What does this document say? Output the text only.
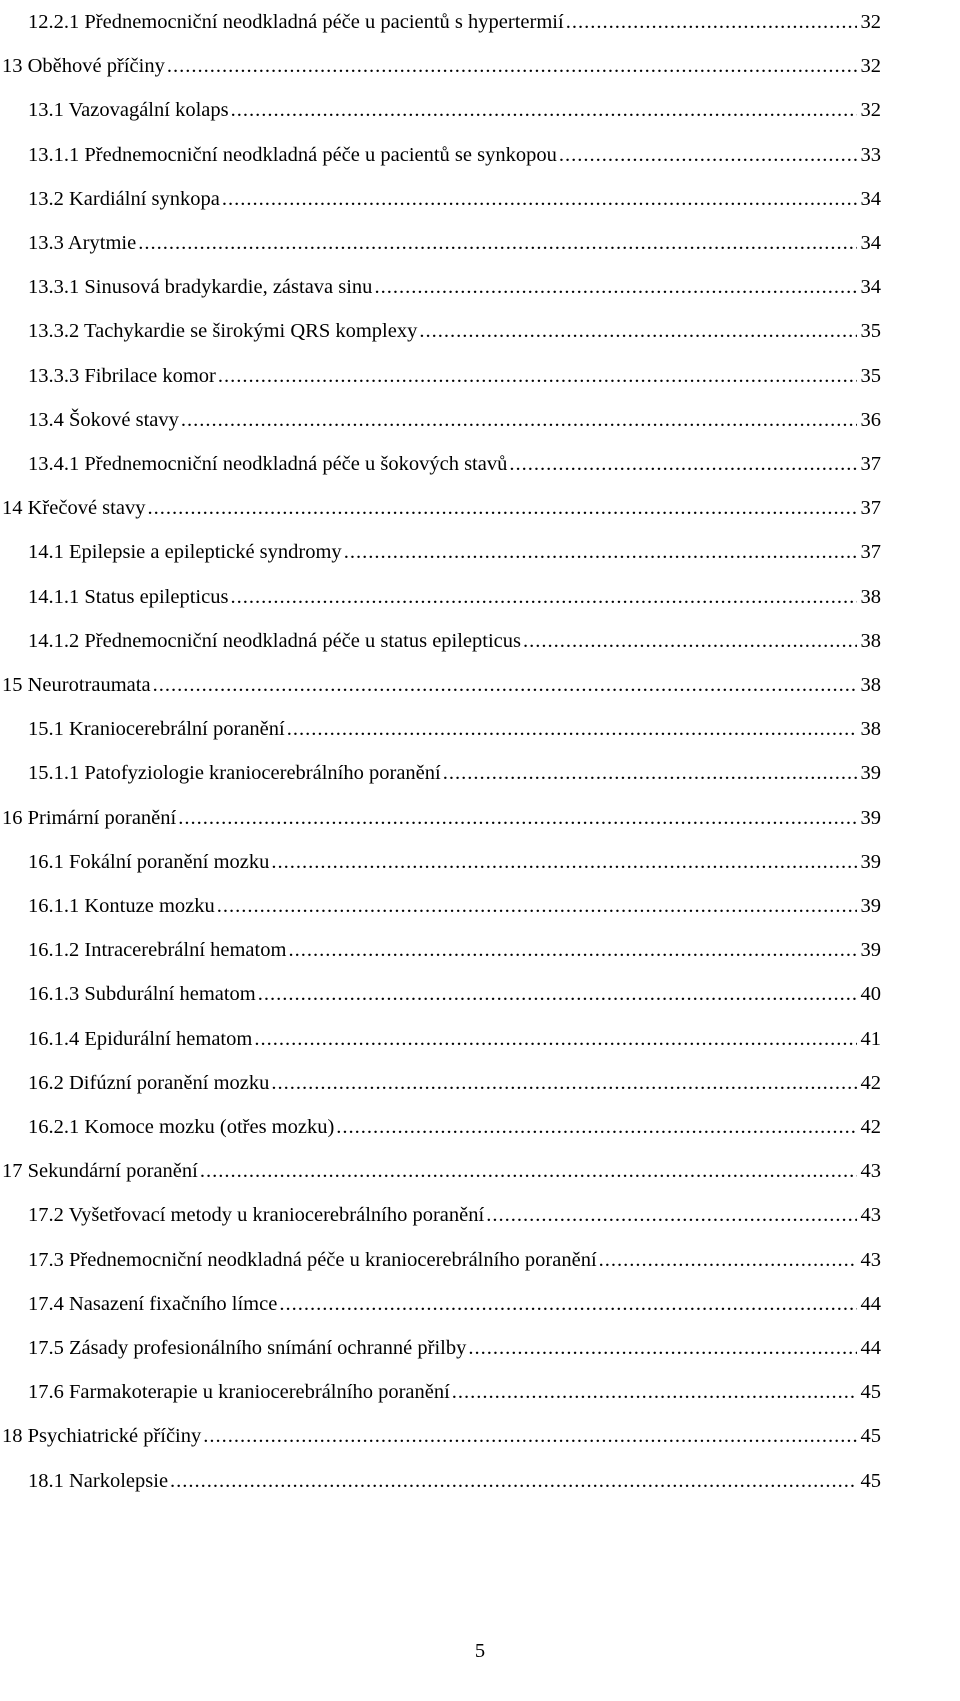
12.2.1 Přednemocniční neodkladná péče u pacientů s hypertermií .....	32
13 Oběhové příčiny .....	32
13.1 Vazovagální kolaps .....	32
13.1.1 Přednemocniční neodkladná péče u pacientů se synkopou .....	33
13.2 Kardiální synkopa .....	34
13.3 Arytmie .....	34
13.3.1 Sinusová bradykardie, zástava sinu .....	34
13.3.2 Tachykardie se širokými QRS komplexy .....	35
13.3.3 Fibrilace komor .....	35
13.4 Šokové stavy .....	36
13.4.1 Přednemocniční neodkladná péče u šokových stavů .....	37
14 Křečové stavy .....	37
14.1 Epilepsie a epileptické syndromy .....	37
14.1.1 Status epilepticus .....	38
14.1.2 Přednemocniční neodkladná péče u status epilepticus .....	38
15 Neurotraumata .....	38
15.1 Kraniocerebrální poranění .....	38
15.1.1 Patofyziologie kraniocerebrálního poranění .....	39
16 Primární poranění .....	39
16.1 Fokální poranění mozku .....	39
16.1.1 Kontuze mozku .....	39
16.1.2 Intracerebrální hematom .....	39
16.1.3 Subdurální hematom .....	40
16.1.4 Epidurální hematom .....	41
16.2 Difúzní poranění mozku .....	42
16.2.1 Komoce mozku (otřes mozku) .....	42
17 Sekundární poranění .....	43
17.2 Vyšetřovací metody u kraniocerebrálního poranění .....	43
17.3 Přednemocniční neodkladná péče u kraniocerebrálního poranění .....	43
17.4 Nasazení fixačního límce .....	44
17.5 Zásady profesionálního snímání ochranné přilby .....	44
17.6 Farmakoterapie u kraniocerebrálního poranění .....	45
18 Psychiatrické příčiny .....	45
18.1 Narkolepsie .....	45
5
